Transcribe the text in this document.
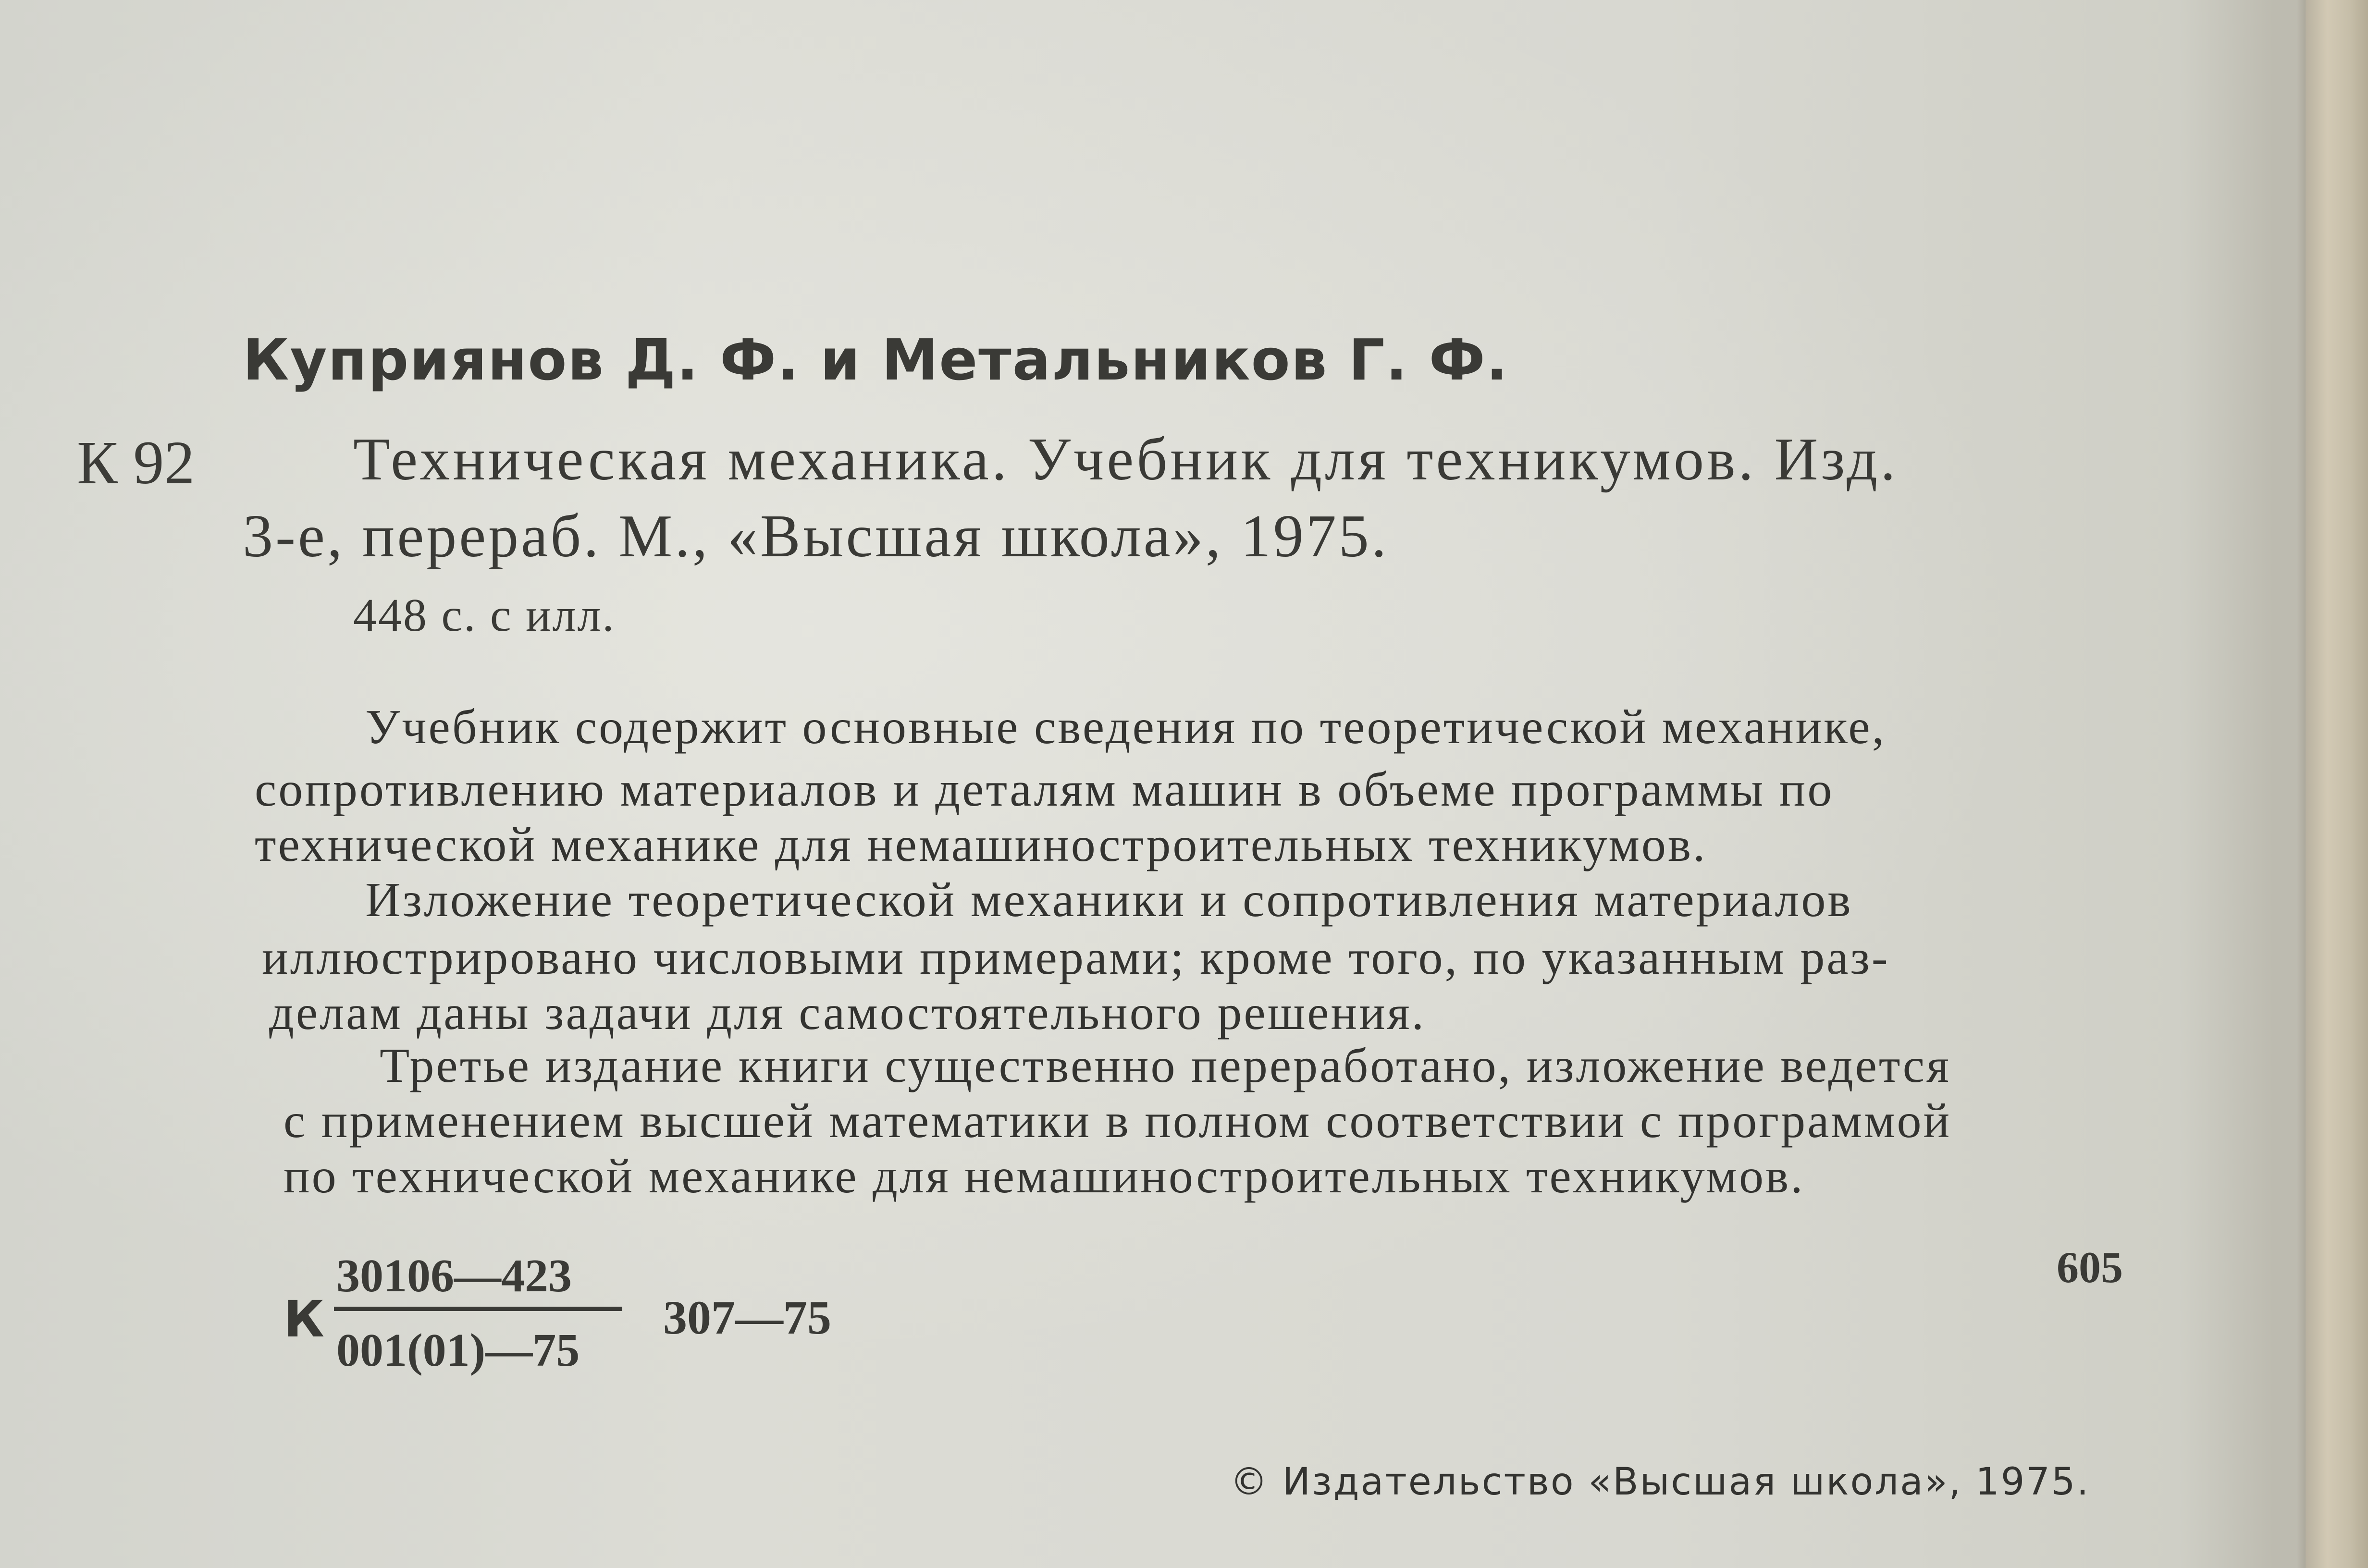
Куприянов Д. Ф. и Метальников Г. Ф.

К 92	Техническая механика. Учебник для техникумов. Изд.

3-е, перераб. М., «Высшая школа», 1975.

448 с. с илл.

Учебник содержит основные сведения по теоретической механике,

сопротивлению материалов и деталям машин в объеме программы по

технической механике для немашиностроительных техникумов.

Изложение теоретической механики и сопротивления материалов

иллюстрировано числовыми примерами; кроме того, по указанным раз-

делам даны задачи для самостоятельного решения.

Третье издание книги существенно переработано, изложение ведется

с применением высшей математики в полном соответствии с программой

по технической механике для немашиностроительных техникумов.

К

30106—423

001(01)—75

307—75

605

© Издательство «Высшая школа», 1975.
